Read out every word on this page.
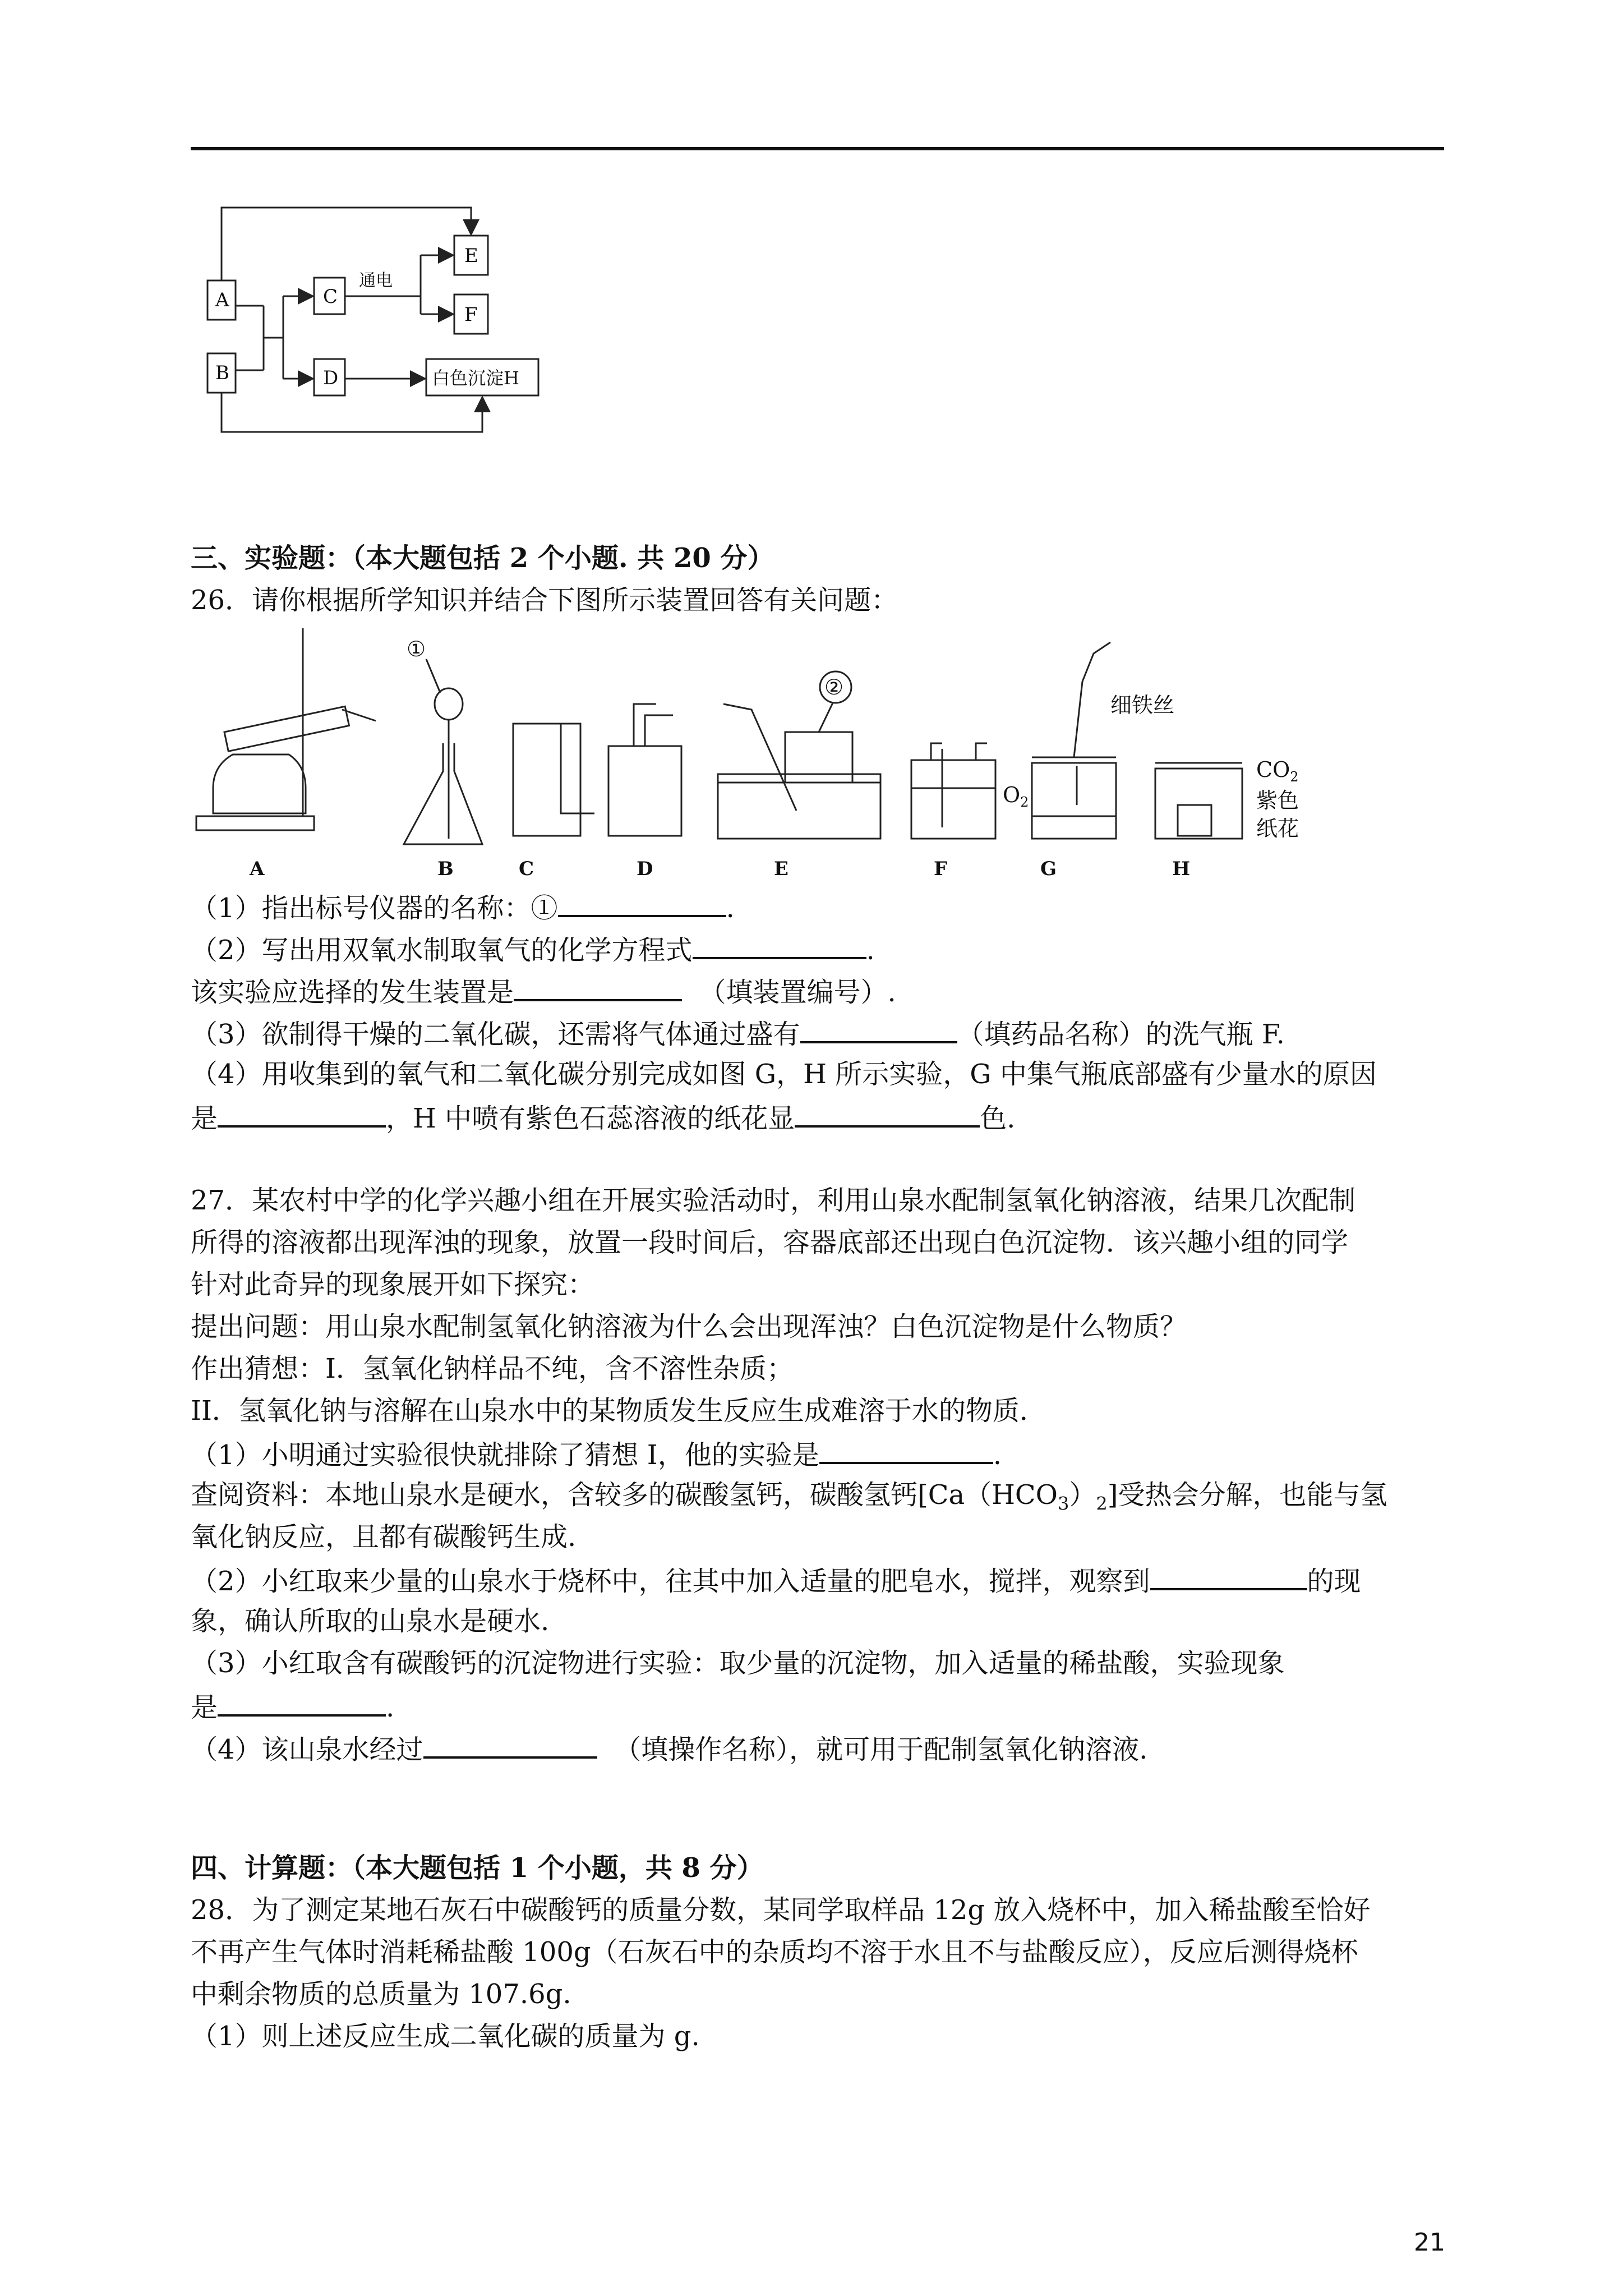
A
B
C
D
E
F
白色沉淀H
通电
三、实验题：（本大题包括 2 个小题. 共 20 分）
26．请你根据所学知识并结合下图所示装置回答有关问题：
①
②
细铁丝
$O_2$
$CO_2$
紫色
纸花
A	B	C	D	E	F	G	H
（1）指出标号仪器的名称：①	.
（2）写出用双氧水制取氧气的化学方程式	.
该实验应选择的发生装置是	（填装置编号）.
（3）欲制得干燥的二氧化碳，还需将气体通过盛有	（填药品名称）的洗气瓶 F.
（4）用收集到的氧气和二氧化碳分别完成如图 G，H 所示实验，G 中集气瓶底部盛有少量水的原因
是	，H 中喷有紫色石蕊溶液的纸花显	色.
27．某农村中学的化学兴趣小组在开展实验活动时，利用山泉水配制氢氧化钠溶液，结果几次配制
所得的溶液都出现浑浊的现象，放置一段时间后，容器底部还出现白色沉淀物．该兴趣小组的同学
针对此奇异的现象展开如下探究：
提出问题：用山泉水配制氢氧化钠溶液为什么会出现浑浊？白色沉淀物是什么物质？
作出猜想：I．氢氧化钠样品不纯，含不溶性杂质；
II．氢氧化钠与溶解在山泉水中的某物质发生反应生成难溶于水的物质．
（1）小明通过实验很快就排除了猜想 I，他的实验是	.
查阅资料：本地山泉水是硬水，含较多的碳酸氢钙，碳酸氢钙$[Ca(HCO_3)_2]$受热会分解，也能与氢
氧化钠反应，且都有碳酸钙生成.
（2）小红取来少量的山泉水于烧杯中，往其中加入适量的肥皂水，搅拌，观察到	的现
象，确认所取的山泉水是硬水.
（3）小红取含有碳酸钙的沉淀物进行实验：取少量的沉淀物，加入适量的稀盐酸，实验现象
是	.
（4）该山泉水经过	（填操作名称），就可用于配制氢氧化钠溶液.
四、计算题：（本大题包括 1 个小题，共 8 分）
28．为了测定某地石灰石中碳酸钙的质量分数，某同学取样品 12g 放入烧杯中，加入稀盐酸至恰好
不再产生气体时消耗稀盐酸 100g（石灰石中的杂质均不溶于水且不与盐酸反应），反应后测得烧杯
中剩余物质的总质量为 107.6g.
（1）则上述反应生成二氧化碳的质量为 g.
21
